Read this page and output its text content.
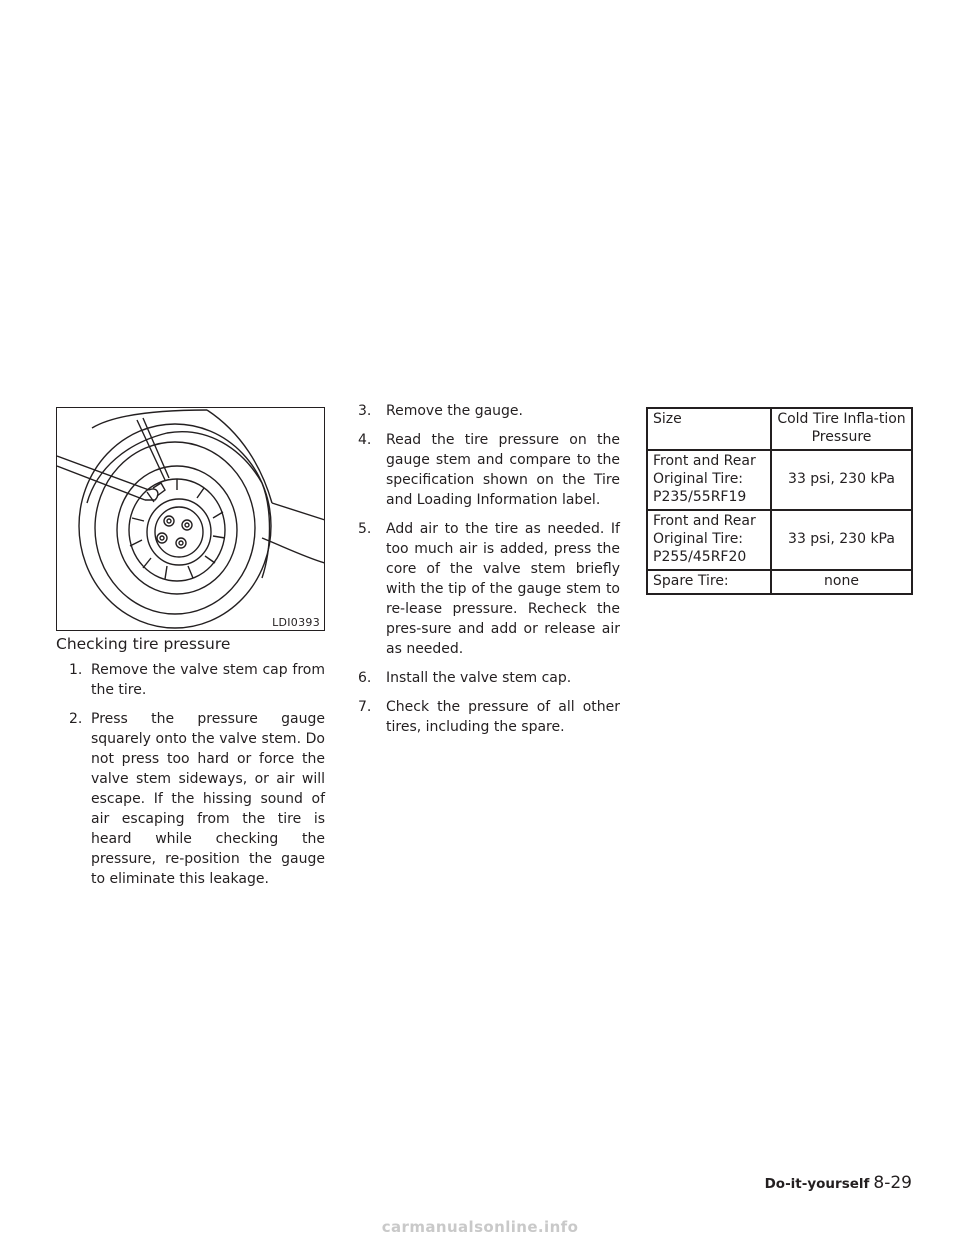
LDI0393
Checking tire pressure
1. Remove the valve stem cap from the tire.
2. Press the pressure gauge squarely onto the valve stem. Do not press too hard or force the valve stem sideways, or air will escape. If the hissing sound of air escaping from the tire is heard while checking the pressure, re-position the gauge to eliminate this leakage.
3. Remove the gauge.
4. Read the tire pressure on the gauge stem and compare to the specification shown on the Tire and Loading Information label.
5. Add air to the tire as needed. If too much air is added, press the core of the valve stem briefly with the tip of the gauge stem to re-lease pressure. Recheck the pres-sure and add or release air as needed.
6. Install the valve stem cap.
7. Check the pressure of all other tires, including the spare.
Size	Cold Tire Infla-tion Pressure
Front and Rear Original Tire: P235/55RF19	33 psi, 230 kPa
Front and Rear Original Tire: P255/45RF20	33 psi, 230 kPa
Spare Tire:	none
Do-it-yourself 8-29
carmanualsonline.info
